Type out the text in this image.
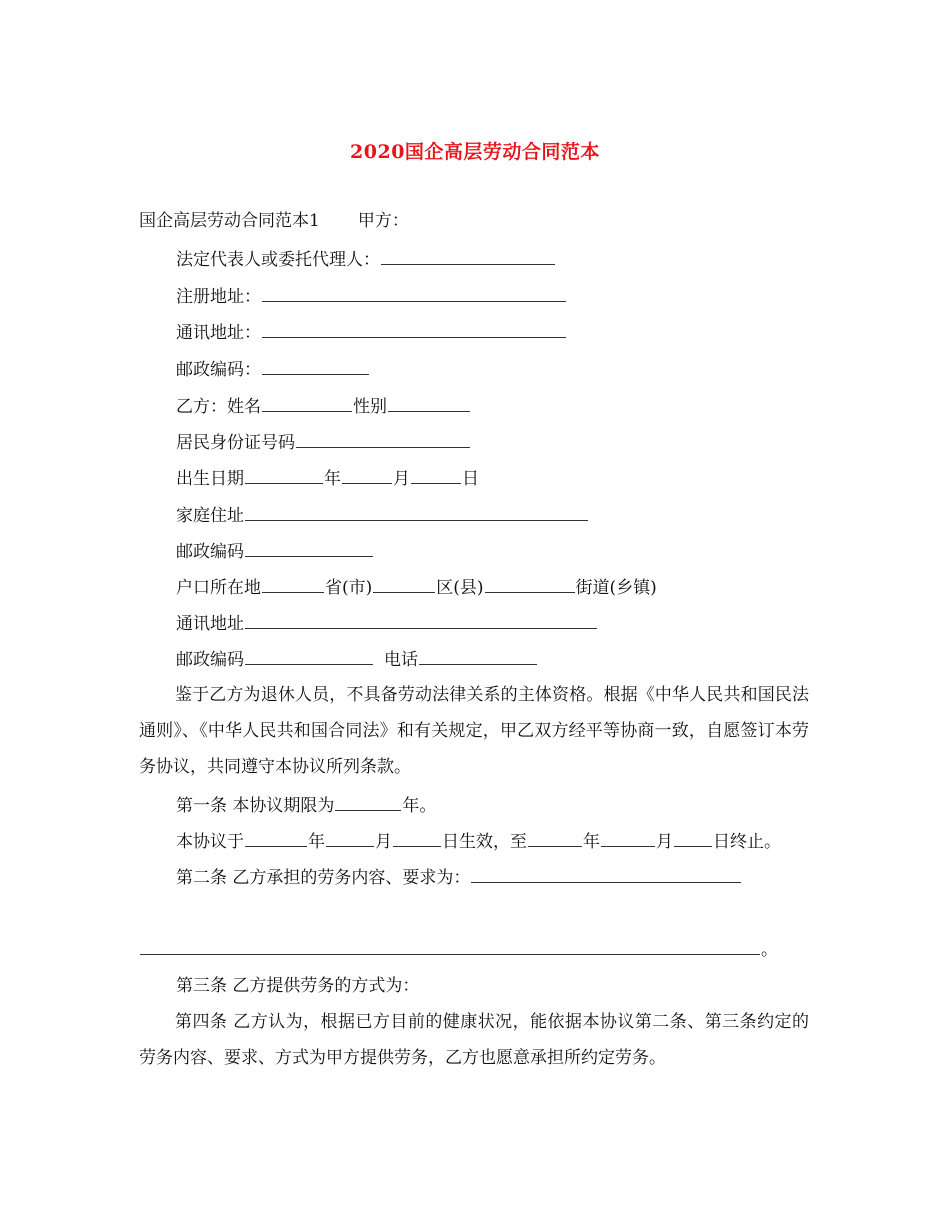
2020国企高层劳动合同范本
国企高层劳动合同范本1 甲方：
法定代表人或委托代理人：
注册地址：
通讯地址：
邮政编码：
乙方：姓名	性别
居民身份证号码
出生日期	年	月	日
家庭住址
邮政编码
户口所在地	省(市)	区(县)	街道(乡镇)
通讯地址
邮政编码	电话
鉴于乙方为退休人员，不具备劳动法律关系的主体资格。根据《中华人民共和国民法通则》、《中华人民共和国合同法》和有关规定，甲乙双方经平等协商一致，自愿签订本劳务协议，共同遵守本协议所列条款。
第一条 本协议期限为	年。
本协议于	年	月	日生效，至	年	月 日终止。
第二条 乙方承担的劳务内容、要求为：
。
第三条 乙方提供劳务的方式为：
第四条 乙方认为，根据已方目前的健康状况，能依据本协议第二条、第三条约定的劳务内容、要求、方式为甲方提供劳务，乙方也愿意承担所约定劳务。
